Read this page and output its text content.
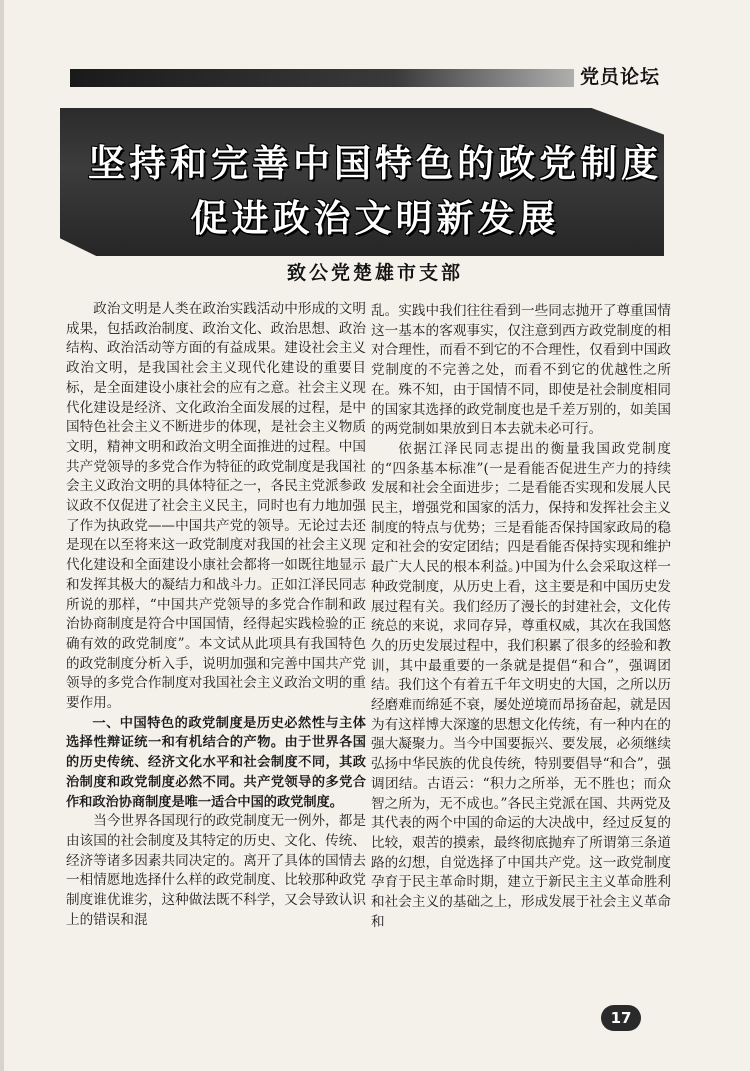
党员论坛
坚持和完善中国特色的政党制度
促进政治文明新发展
致公党楚雄市支部

政治文明是人类在政治实践活动中形成的文明成果，包括政治制度、政治文化、政治思想、政治结构、政治活动等方面的有益成果。建设社会主义政治文明，是我国社会主义现代化建设的重要目标，是全面建设小康社会的应有之意。社会主义现代化建设是经济、文化政治全面发展的过程，是中国特色社会主义不断进步的体现，是社会主义物质文明，精神文明和政治文明全面推进的过程。中国共产党领导的多党合作为特征的政党制度是我国社会主义政治文明的具体特征之一，各民主党派参政议政不仅促进了社会主义民主，同时也有力地加强了作为执政党——中国共产党的领导。无论过去还是现在以至将来这一政党制度对我国的社会主义现代化建设和全面建设小康社会都将一如既往地显示和发挥其极大的凝结力和战斗力。正如江泽民同志所说的那样，“中国共产党领导的多党合作制和政治协商制度是符合中国国情，经得起实践检验的正确有效的政党制度”。本文试从此项具有我国特色的政党制度分析入手，说明加强和完善中国共产党领导的多党合作制度对我国社会主义政治文明的重要作用。

一、中国特色的政党制度是历史必然性与主体选择性辩证统一和有机结合的产物。由于世界各国的历史传统、经济文化水平和社会制度不同，其政治制度和政党制度必然不同。共产党领导的多党合作和政治协商制度是唯一适合中国的政党制度。

当今世界各国现行的政党制度无一例外，都是由该国的社会制度及其特定的历史、文化、传统、经济等诸多因素共同决定的。离开了具体的国情去一相情愿地选择什么样的政党制度、比较那种政党制度谁优谁劣，这种做法既不科学，又会导致认识上的错误和混

乱。实践中我们往往看到一些同志抛开了尊重国情这一基本的客观事实，仅注意到西方政党制度的相对合理性，而看不到它的不合理性，仅看到中国政党制度的不完善之处，而看不到它的优越性之所在。殊不知，由于国情不同，即使是社会制度相同的国家其选择的政党制度也是千差万别的，如美国的两党制如果放到日本去就未必可行。

依据江泽民同志提出的衡量我国政党制度的“四条基本标准”(一是看能否促进生产力的持续发展和社会全面进步；二是看能否实现和发展人民民主，增强党和国家的活力，保持和发挥社会主义制度的特点与优势；三是看能否保持国家政局的稳定和社会的安定团结；四是看能否保持实现和维护最广大人民的根本利益。)中国为什么会采取这样一种政党制度，从历史上看，这主要是和中国历史发展过程有关。我们经历了漫长的封建社会，文化传统总的来说，求同存异，尊重权威，其次在我国悠久的历史发展过程中，我们积累了很多的经验和教训，其中最重要的一条就是提倡“和合”，强调团结。我们这个有着五千年文明史的大国，之所以历经磨难而绵延不衰，屡处逆境而昂扬奋起，就是因为有这样博大深邃的思想文化传统，有一种内在的强大凝聚力。当今中国要振兴、要发展，必须继续弘扬中华民族的优良传统，特别要倡导“和合”，强调团结。古语云：“积力之所举，无不胜也；而众智之所为，无不成也。”各民主党派在国、共两党及其代表的两个中国的命运的大决战中，经过反复的比较，艰苦的摸索，最终彻底抛弃了所谓第三条道路的幻想，自觉选择了中国共产党。这一政党制度孕育于民主革命时期，建立于新民主主义革命胜利和社会主义的基础之上，形成发展于社会主义革命和

17
